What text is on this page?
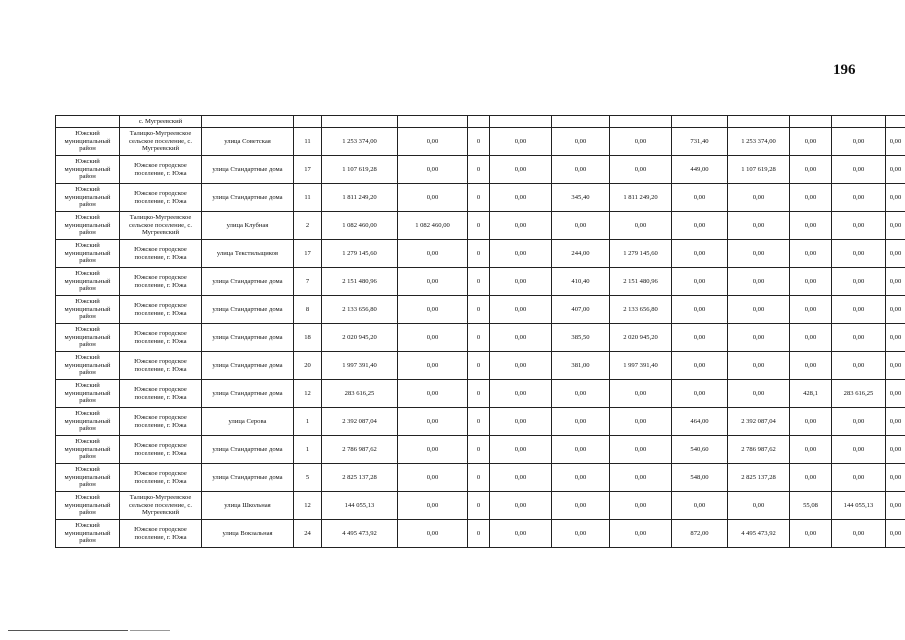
196
	с. Мугреевский													
Южский муниципальный район	Талицко-Мугреевское сельское поселение, с. Мугреевский	улица Советская	11	1 253 374,00	0,00	0	0,00	0,00	0,00	731,40	1 253 374,00	0,00	0,00	0,00
Южский муниципальный район	Южское городское поселение, г. Южа	улица Стандартные дома	17	1 107 619,28	0,00	0	0,00	0,00	0,00	449,00	1 107 619,28	0,00	0,00	0,00
Южский муниципальный район	Южское городское поселение, г. Южа	улица Стандартные дома	11	1 811 249,20	0,00	0	0,00	345,40	1 811 249,20	0,00	0,00	0,00	0,00	0,00
Южский муниципальный район	Талицко-Мугреевское сельское поселение, с. Мугреевский	улица Клубная	2	1 082 460,00	1 082 460,00	0	0,00	0,00	0,00	0,00	0,00	0,00	0,00	0,00
Южский муниципальный район	Южское городское поселение, г. Южа	улица Текстильщиков	17	1 279 145,60	0,00	0	0,00	244,00	1 279 145,60	0,00	0,00	0,00	0,00	0,00
Южский муниципальный район	Южское городское поселение, г. Южа	улица Стандартные дома	7	2 151 480,96	0,00	0	0,00	410,40	2 151 480,96	0,00	0,00	0,00	0,00	0,00
Южский муниципальный район	Южское городское поселение, г. Южа	улица Стандартные дома	8	2 133 656,80	0,00	0	0,00	407,00	2 133 656,80	0,00	0,00	0,00	0,00	0,00
Южский муниципальный район	Южское городское поселение, г. Южа	улица Стандартные дома	18	2 020 945,20	0,00	0	0,00	385,50	2 020 945,20	0,00	0,00	0,00	0,00	0,00
Южский муниципальный район	Южское городское поселение, г. Южа	улица Стандартные дома	20	1 997 391,40	0,00	0	0,00	381,00	1 997 391,40	0,00	0,00	0,00	0,00	0,00
Южский муниципальный район	Южское городское поселение, г. Южа	улица Стандартные дома	12	283 616,25	0,00	0	0,00	0,00	0,00	0,00	0,00	428,1	283 616,25	0,00
Южский муниципальный район	Южское городское поселение, г. Южа	улица Серова	1	2 392 087,04	0,00	0	0,00	0,00	0,00	464,00	2 392 087,04	0,00	0,00	0,00
Южский муниципальный район	Южское городское поселение, г. Южа	улица Стандартные дома	1	2 786 987,62	0,00	0	0,00	0,00	0,00	540,60	2 786 987,62	0,00	0,00	0,00
Южский муниципальный район	Южское городское поселение, г. Южа	улица Стандартные дома	5	2 825 137,28	0,00	0	0,00	0,00	0,00	548,00	2 825 137,28	0,00	0,00	0,00
Южский муниципальный район	Талицко-Мугреевское сельское поселение, с. Мугреевский	улица Школьная	12	144 055,13	0,00	0	0,00	0,00	0,00	0,00	0,00	55,08	144 055,13	0,00
Южский муниципальный район	Южское городское поселение, г. Южа	улица Вокзальная	24	4 495 473,92	0,00	0	0,00	0,00	0,00	872,00	4 495 473,92	0,00	0,00	0,00
